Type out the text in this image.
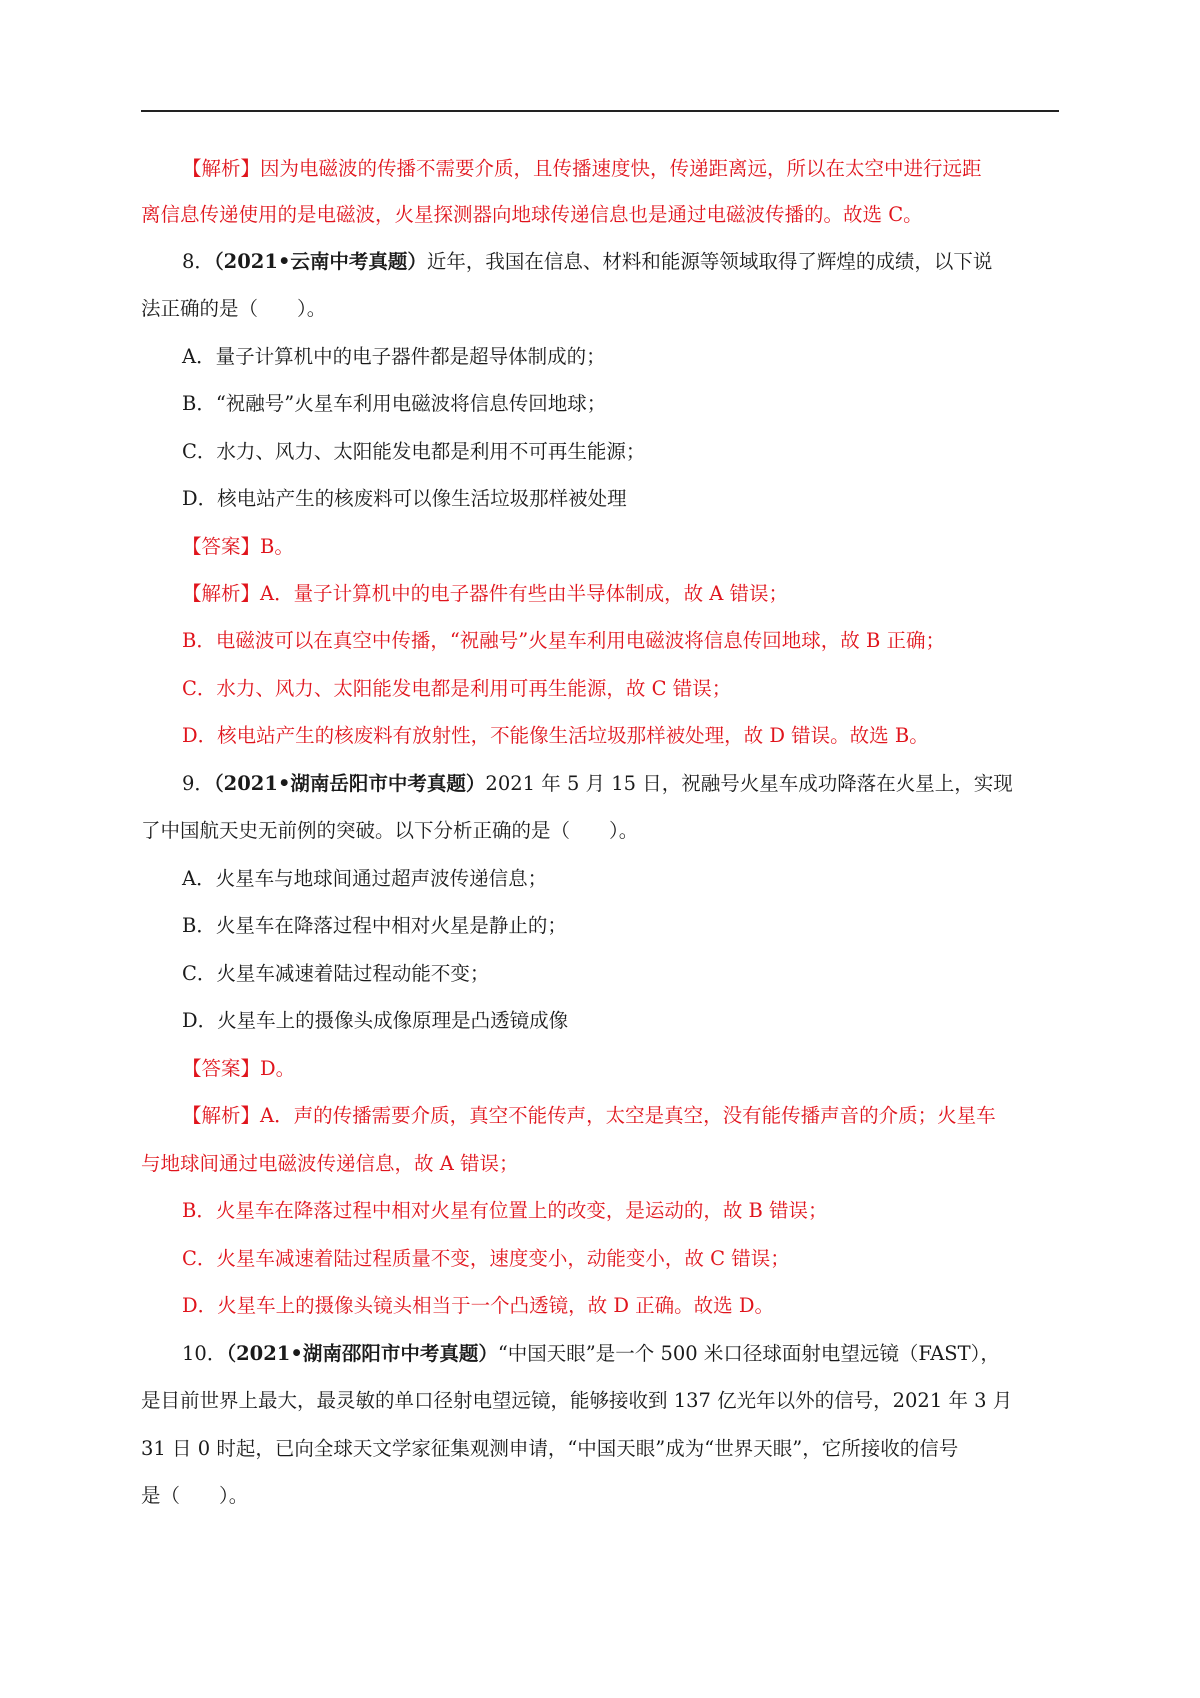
【解析】因为电磁波的传播不需要介质，且传播速度快，传递距离远，所以在太空中进行远距
离信息传递使用的是电磁波，火星探测器向地球传递信息也是通过电磁波传播的。故选 C。
8．（2021•云南中考真题）近年，我国在信息、材料和能源等领域取得了辉煌的成绩，以下说
法正确的是（　　）。
A．量子计算机中的电子器件都是超导体制成的；
B．“祝融号”火星车利用电磁波将信息传回地球；
C．水力、风力、太阳能发电都是利用不可再生能源；
D．核电站产生的核废料可以像生活垃圾那样被处理
【答案】B。
【解析】A．量子计算机中的电子器件有些由半导体制成，故 A 错误；
B．电磁波可以在真空中传播，“祝融号”火星车利用电磁波将信息传回地球，故 B 正确；
C．水力、风力、太阳能发电都是利用可再生能源，故 C 错误；
D．核电站产生的核废料有放射性，不能像生活垃圾那样被处理，故 D 错误。故选 B。
9．（2021•湖南岳阳市中考真题）2021 年 5 月 15 日，祝融号火星车成功降落在火星上，实现
了中国航天史无前例的突破。以下分析正确的是（　　）。
A．火星车与地球间通过超声波传递信息；
B．火星车在降落过程中相对火星是静止的；
C．火星车减速着陆过程动能不变；
D．火星车上的摄像头成像原理是凸透镜成像
【答案】D。
【解析】A．声的传播需要介质，真空不能传声，太空是真空，没有能传播声音的介质；火星车
与地球间通过电磁波传递信息，故 A 错误；
B．火星车在降落过程中相对火星有位置上的改变，是运动的，故 B 错误；
C．火星车减速着陆过程质量不变，速度变小，动能变小，故 C 错误；
D．火星车上的摄像头镜头相当于一个凸透镜，故 D 正确。故选 D。
10．（2021•湖南邵阳市中考真题）“中国天眼”是一个 500 米口径球面射电望远镜（FAST），
是目前世界上最大，最灵敏的单口径射电望远镜，能够接收到 137 亿光年以外的信号，2021 年 3 月
31 日 0 时起，已向全球天文学家征集观测申请，“中国天眼”成为“世界天眼”，它所接收的信号
是（　　）。
